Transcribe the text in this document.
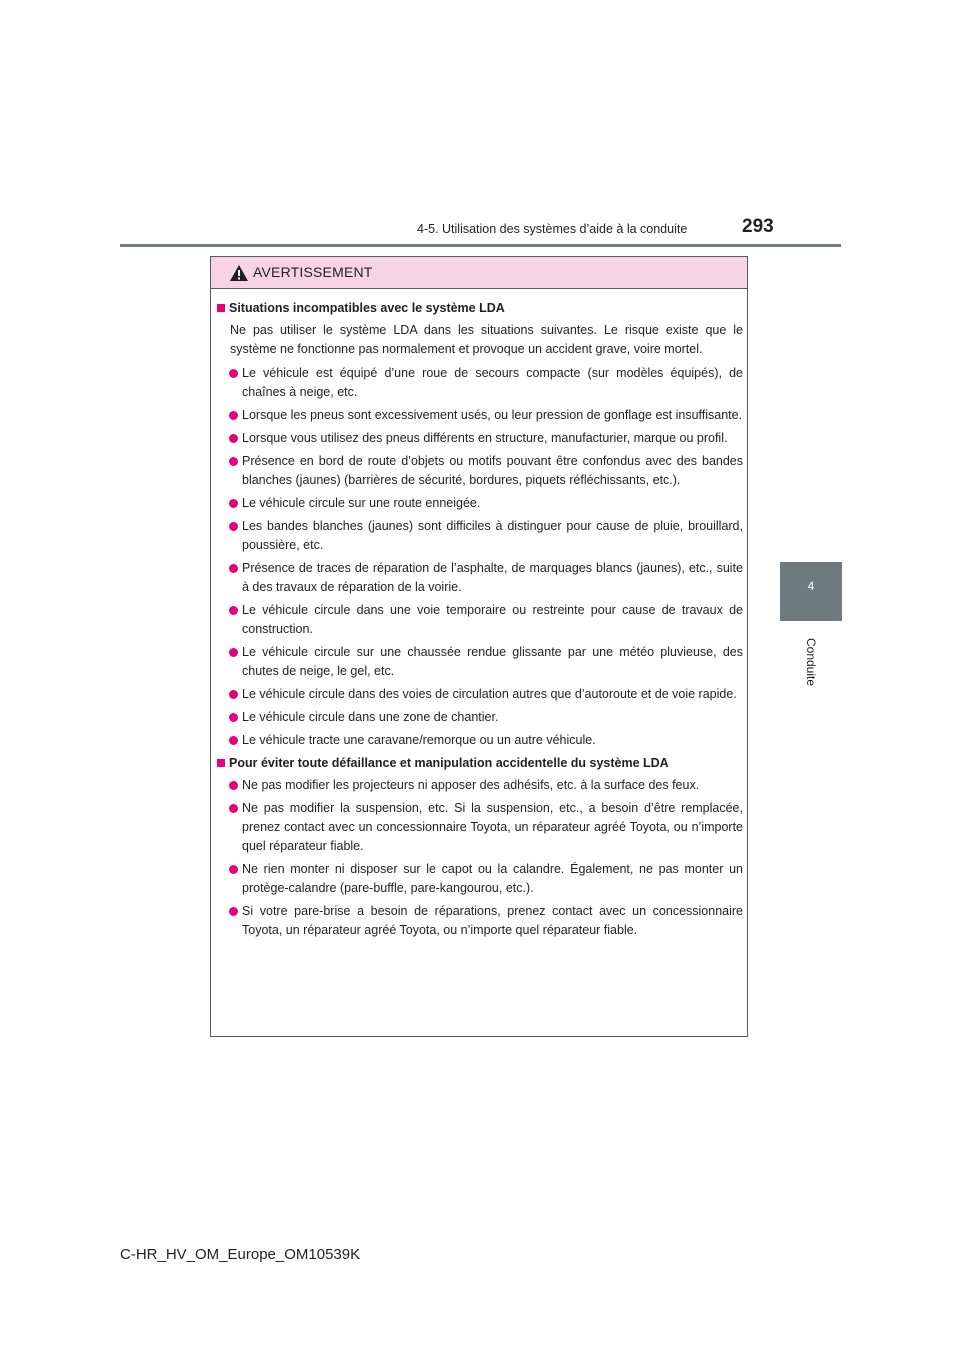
4-5. Utilisation des systèmes d’aide à la conduite	293
4
Conduite
AVERTISSEMENT
Situations incompatibles avec le système LDA
Ne pas utiliser le système LDA dans les situations suivantes. Le risque existe que le système ne fonctionne pas normalement et provoque un accident grave, voire mortel.
Le véhicule est équipé d’une roue de secours compacte (sur modèles équipés), de chaînes à neige, etc.
Lorsque les pneus sont excessivement usés, ou leur pression de gonflage est insuffisante.
Lorsque vous utilisez des pneus différents en structure, manufacturier, marque ou profil.
Présence en bord de route d’objets ou motifs pouvant être confondus avec des bandes blanches (jaunes) (barrières de sécurité, bordures, piquets réfléchissants, etc.).
Le véhicule circule sur une route enneigée.
Les bandes blanches (jaunes) sont difficiles à distinguer pour cause de pluie, brouillard, poussière, etc.
Présence de traces de réparation de l’asphalte, de marquages blancs (jaunes), etc., suite à des travaux de réparation de la voirie.
Le véhicule circule dans une voie temporaire ou restreinte pour cause de travaux de construction.
Le véhicule circule sur une chaussée rendue glissante par une météo pluvieuse, des chutes de neige, le gel, etc.
Le véhicule circule dans des voies de circulation autres que d’autoroute et de voie rapide.
Le véhicule circule dans une zone de chantier.
Le véhicule tracte une caravane/remorque ou un autre véhicule.
Pour éviter toute défaillance et manipulation accidentelle du système LDA
Ne pas modifier les projecteurs ni apposer des adhésifs, etc. à la surface des feux.
Ne pas modifier la suspension, etc. Si la suspension, etc., a besoin d’être remplacée, prenez contact avec un concessionnaire Toyota, un réparateur agréé Toyota, ou n’importe quel réparateur fiable.
Ne rien monter ni disposer sur le capot ou la calandre. Également, ne pas monter un protège-calandre (pare-buffle, pare-kangourou, etc.).
Si votre pare-brise a besoin de réparations, prenez contact avec un concessionnaire Toyota, un réparateur agréé Toyota, ou n’importe quel réparateur fiable.
C-HR_HV_OM_Europe_OM10539K
